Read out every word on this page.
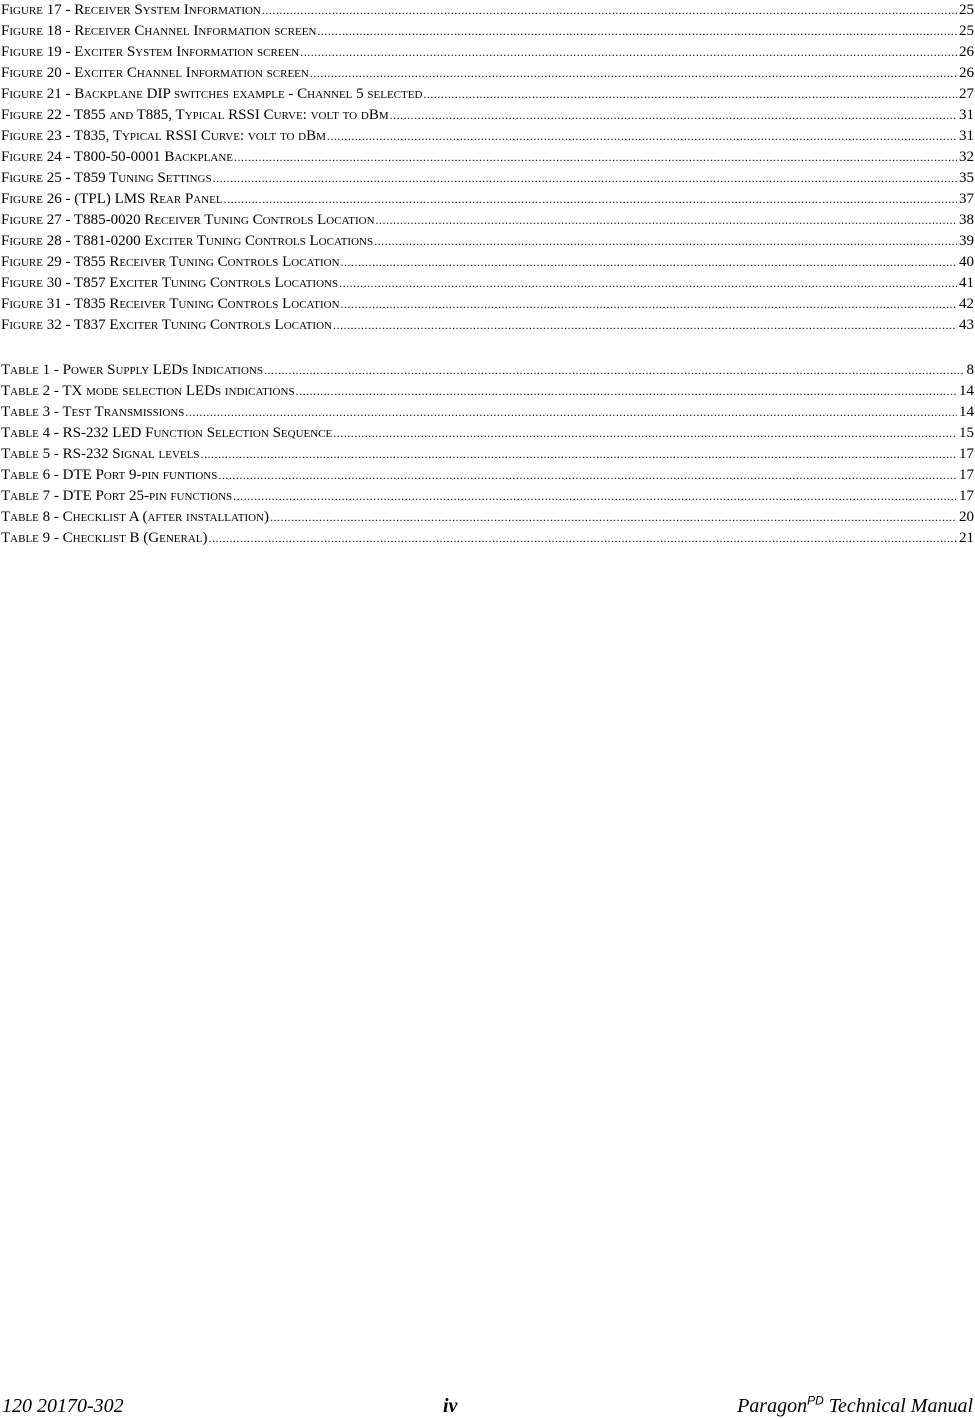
Figure 17 - Receiver System Information .....	25
Figure 18 - Receiver Channel Information screen .....	25
Figure 19 - Exciter System Information screen .....	26
Figure 20 - Exciter Channel Information screen .....	26
Figure 21 - Backplane DIP switches example - Channel 5 selected .....	27
Figure 22 - T855 and T885, Typical RSSI Curve: volt to dBm .....	31
Figure 23 - T835, Typical RSSI Curve: volt to dBm .....	31
Figure 24 - T800-50-0001 Backplane .....	32
Figure 25 - T859 Tuning Settings .....	35
Figure 26 - (TPL) LMS Rear Panel .....	37
Figure 27 - T885-0020 Receiver Tuning Controls Location .....	38
Figure 28 - T881-0200 Exciter Tuning Controls Locations .....	39
Figure 29 - T855 Receiver Tuning Controls Location .....	40
Figure 30 - T857 Exciter Tuning Controls Locations .....	41
Figure 31 - T835 Receiver Tuning Controls Location .....	42
Figure 32 - T837 Exciter Tuning Controls Location .....	43
Table 1 - Power Supply LEDs Indications .....	8
Table 2 - TX mode selection LEDs indications .....	14
Table 3 - Test Transmissions .....	14
Table 4 - RS-232 LED Function Selection Sequence .....	15
Table 5 - RS-232 Signal levels .....	17
Table 6 - DTE Port 9-pin funtions .....	17
Table 7 - DTE Port 25-pin functions .....	17
Table 8 - Checklist A (after installation) .....	20
Table 9 - Checklist B (General) .....	21
120 20170-302	iv	Paragon$^{PD}$ Technical Manual
